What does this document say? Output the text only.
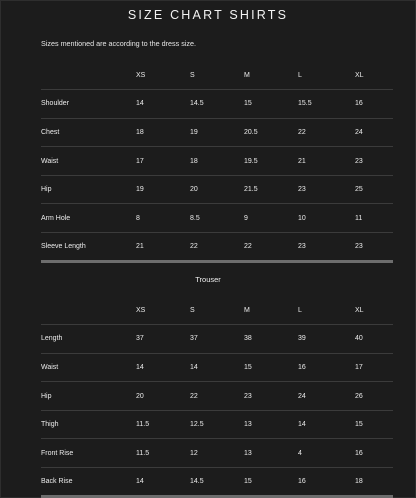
SIZE CHART SHIRTS
Sizes mentioned are according to the dress size.
	XS	S	M	L	XL
Shoulder	14	14.5	15	15.5	16
Chest	18	19	20.5	22	24
Waist	17	18	19.5	21	23
Hip	19	20	21.5	23	25
Arm Hole	8	8.5	9	10	11
Sleeve Length	21	22	22	23	23
Trouser
	XS	S	M	L	XL
Length	37	37	38	39	40
Waist	14	14	15	16	17
Hip	20	22	23	24	26
Thigh	11.5	12.5	13	14	15
Front Rise	11.5	12	13	4	16
Back Rise	14	14.5	15	16	18
